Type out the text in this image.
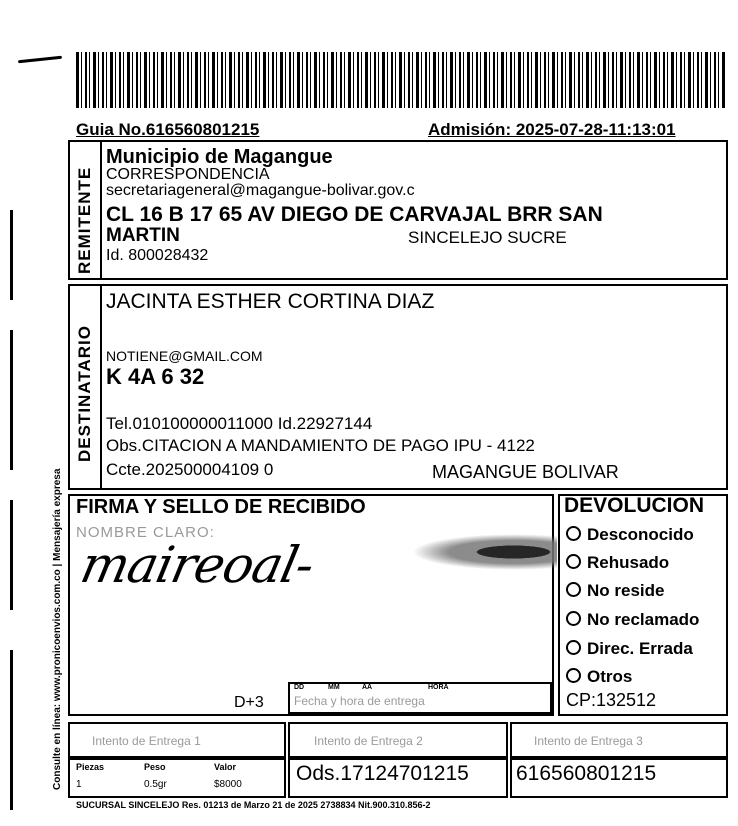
Guia No.616560801215	Admisión: 2025-07-28-11:13:01
Consulte en línea: www.pronicoenvios.com.co | Mensajería expresa
REMITENTE
Municipio de Magangue
CORRESPONDENCIA
secretariageneral@magangue-bolivar.gov.c
CL 16 B 17 65 AV DIEGO DE CARVAJAL BRR SAN
MARTIN	SINCELEJO SUCRE
Id. 800028432
DESTINATARIO
JACINTA ESTHER CORTINA DIAZ
NOTIENE@GMAIL.COM
K 4A 6 32
Tel.010100000011000 Id.22927144
Obs.CITACION A MANDAMIENTO DE PAGO IPU - 4122
Ccte.202500004109 0	MAGANGUE BOLIVAR
FIRMA Y SELLO DE RECIBIDO
NOMBRE CLARO:
maireoal-
D+3
DD	MM	AA	HORA
Fecha y hora de entrega
DEVOLUCION
Desconocido
Rehusado
No reside
No reclamado
Direc. Errada
Otros
CP:132512
Intento de Entrega 1	Intento de Entrega 2	Intento de Entrega 3
Piezas	Peso	Valor
1	0.5gr	$8000	Ods.17124701215 616560801215
SUCURSAL SINCELEJO Res. 01213 de Marzo 21 de 2025 2738834 Nit.900.310.856-2
